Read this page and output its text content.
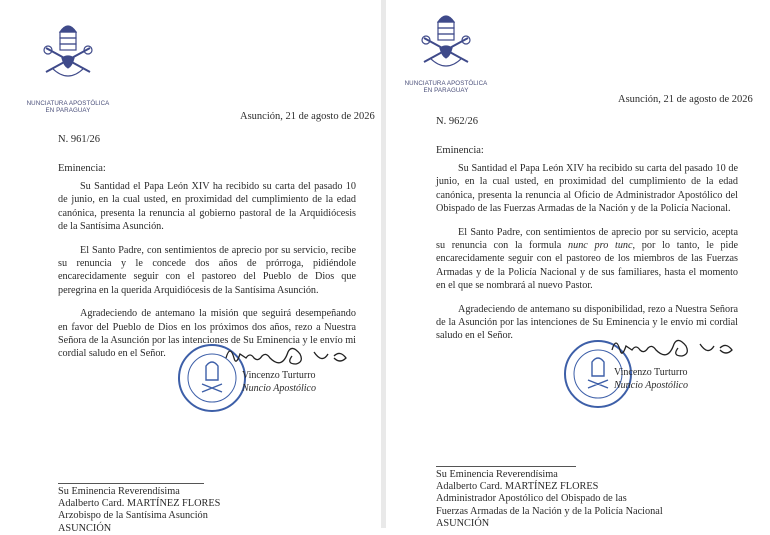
NUNCIATURA APOSTÓLICA
EN PARAGUAY
Asunción, 21 de agosto de 2026
N. 961/26
Eminencia:

Su Santidad el Papa León XIV ha recibido su carta del pasado 10 de junio, en la cual usted, en proximidad del cumplimiento de la edad canónica, presenta la renuncia al gobierno pastoral de la Arquidiócesis de la Santísima Asunción.

El Santo Padre, con sentimientos de aprecio por su servicio, recibe su renuncia y le concede dos años de prórroga, pidiéndole encarecidamente seguir con el pastoreo del Pueblo de Dios que peregrina en la querida Arquidiócesis de la Santísima Asunción.

Agradeciendo de antemano la misión que seguirá desempeñando en favor del Pueblo de Dios en los próximos dos años, rezo a Nuestra Señora de la Asunción por las intenciones de Su Eminencia y le envío mi cordial saludo en el Señor.

Vincenzo Turturro
Nuncio Apostólico
Su Eminencia Reverendísima
Adalberto Card. MARTÍNEZ FLORES
Arzobispo de la Santísima Asunción
ASUNCIÓN
NUNCIATURA APOSTÓLICA
EN PARAGUAY
Asunción, 21 de agosto de 2026
N. 962/26
Eminencia:

Su Santidad el Papa León XIV ha recibido su carta del pasado 10 de junio, en la cual usted, en proximidad del cumplimiento de la edad canónica, presenta la renuncia al Oficio de Administrador Apostólico del Obispado de las Fuerzas Armadas de la Nación y de la Policía Nacional.

El Santo Padre, con sentimientos de aprecio por su servicio, acepta su renuncia con la formula nunc pro tunc, por lo tanto, le pide encarecidamente seguir con el pastoreo de los miembros de las Fuerzas Armadas y de la Policía Nacional y de sus familiares, hasta el momento en el que se nombrará al nuevo Pastor.

Agradeciendo de antemano su disponibilidad, rezo a Nuestra Señora de la Asunción por las intenciones de Su Eminencia y le envío mi cordial saludo en el Señor.

Vincenzo Turturro
Nuncio Apostólico
Su Eminencia Reverendísima
Adalberto Card. MARTÍNEZ FLORES
Administrador Apostólico del Obispado de las
Fuerzas Armadas de la Nación y de la Policía Nacional
ASUNCIÓN
